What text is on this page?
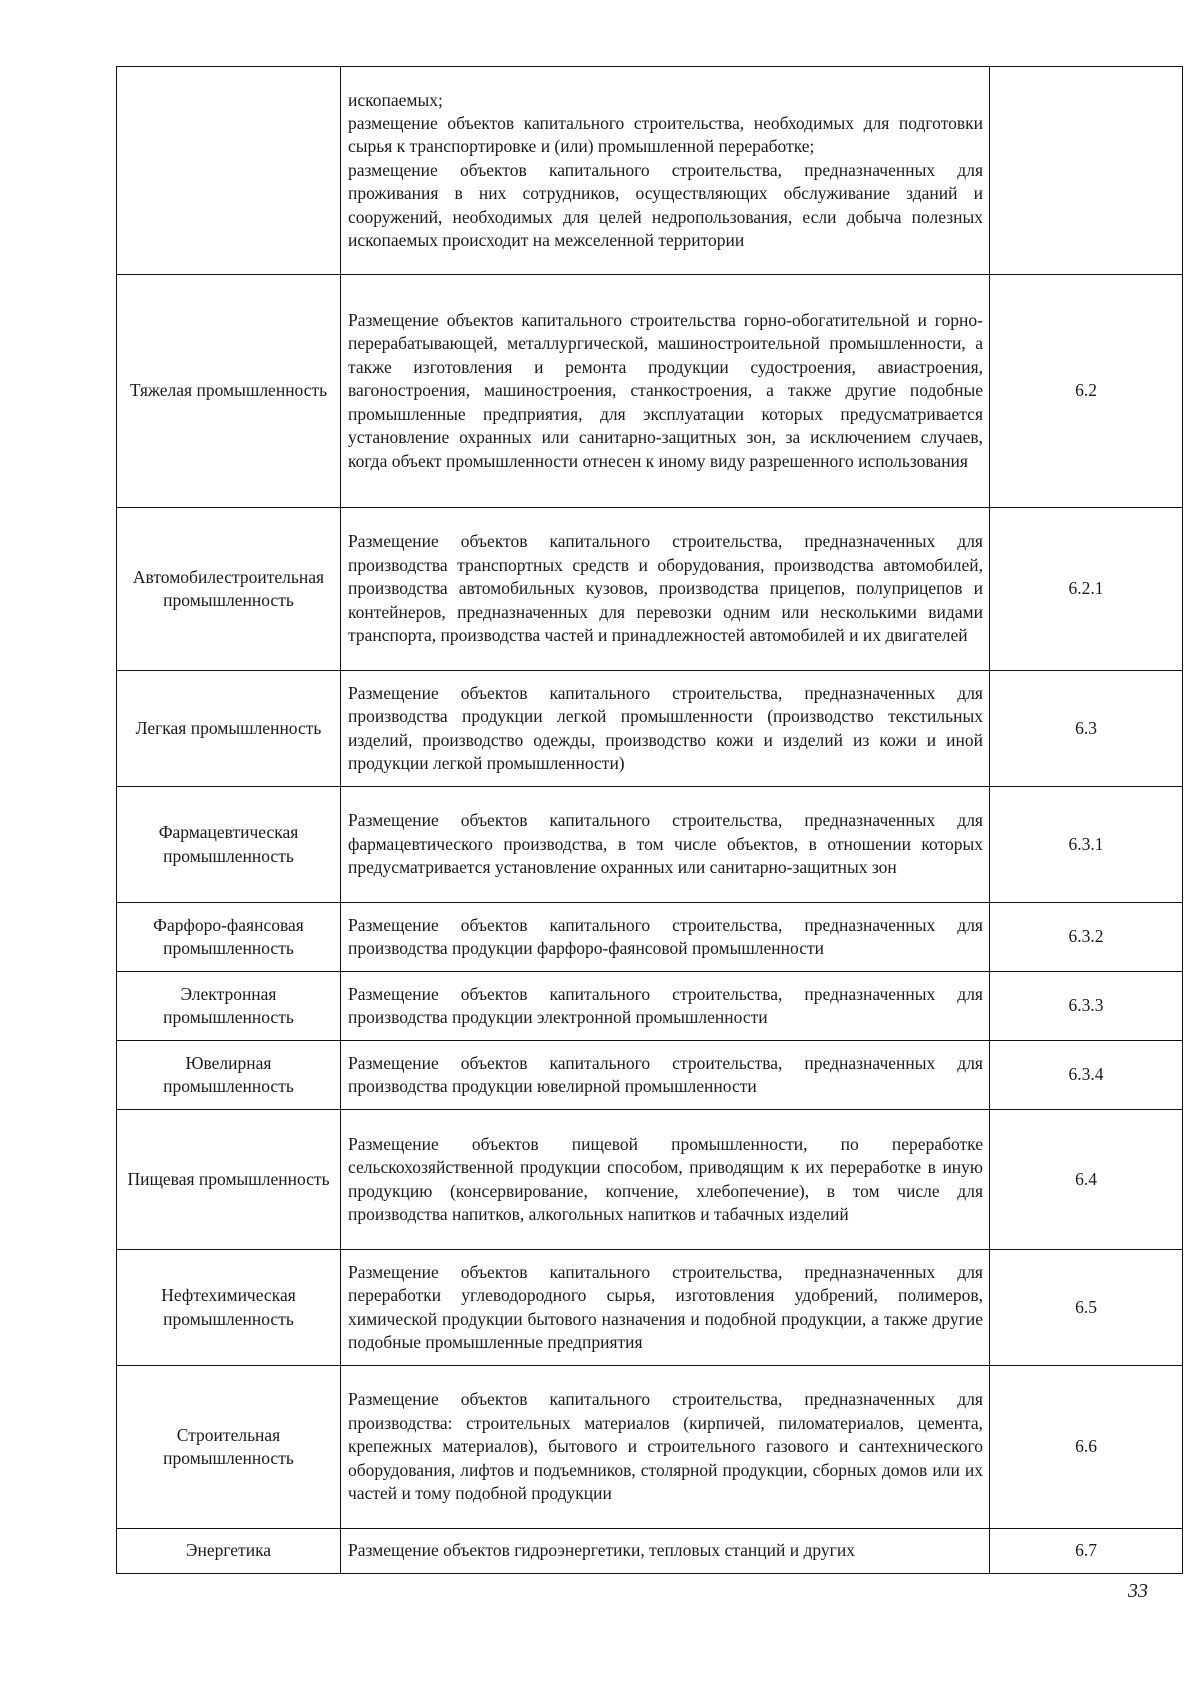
	ископаемых;

размещение объектов капитального строительства, необходимых для подготовки сырья к транспортировке и (или) промышленной переработке;

размещение объектов капитального строительства, предназначенных для проживания в них сотрудников, осуществляющих обслуживание зданий и сооружений, необходимых для целей недропользования, если добыча полезных ископаемых происходит на межселенной территории	

Тяжелая промышленность	Размещение объектов капитального строительства горно-обогатительной и горно-перерабатывающей, металлургической, машиностроительной промышленности, а также изготовления и ремонта продукции судостроения, авиастроения, вагоностроения, машиностроения, станкостроения, а также другие подобные промышленные предприятия, для эксплуатации которых предусматривается установление охранных или санитарно-защитных зон, за исключением случаев, когда объект промышленности отнесен к иному виду разрешенного использования	6.2
Автомобилестроительная промышленность	Размещение объектов капитального строительства, предназначенных для производства транспортных средств и оборудования, производства автомобилей, производства автомобильных кузовов, производства прицепов, полуприцепов и контейнеров, предназначенных для перевозки одним или несколькими видами транспорта, производства частей и принадлежностей автомобилей и их двигателей	6.2.1
Легкая промышленность	Размещение объектов капитального строительства, предназначенных для производства продукции легкой промышленности (производство текстильных изделий, производство одежды, производство кожи и изделий из кожи и иной продукции легкой промышленности)	6.3
Фармацевтическая промышленность	Размещение объектов капитального строительства, предназначенных для фармацевтического производства, в том числе объектов, в отношении которых предусматривается установление охранных или санитарно-защитных зон	6.3.1
Фарфоро-фаянсовая промышленность	Размещение объектов капитального строительства, предназначенных для производства продукции фарфоро-фаянсовой промышленности	6.3.2
Электронная промышленность	Размещение объектов капитального строительства, предназначенных для производства продукции электронной промышленности	6.3.3
Ювелирная промышленность	Размещение объектов капитального строительства, предназначенных для производства продукции ювелирной промышленности	6.3.4
Пищевая промышленность	Размещение объектов пищевой промышленности, по переработке сельскохозяйственной продукции способом, приводящим к их переработке в иную продукцию (консервирование, копчение, хлебопечение), в том числе для производства напитков, алкогольных напитков и табачных изделий	6.4
Нефтехимическая промышленность	Размещение объектов капитального строительства, предназначенных для переработки углеводородного сырья, изготовления удобрений, полимеров, химической продукции бытового назначения и подобной продукции, а также другие подобные промышленные предприятия	6.5
Строительная промышленность	Размещение объектов капитального строительства, предназначенных для производства: строительных материалов (кирпичей, пиломатериалов, цемента, крепежных материалов), бытового и строительного газового и сантехнического оборудования, лифтов и подъемников, столярной продукции, сборных домов или их частей и тому подобной продукции	6.6
Энергетика	Размещение объектов гидроэнергетики, тепловых станций и других	6.7
33
